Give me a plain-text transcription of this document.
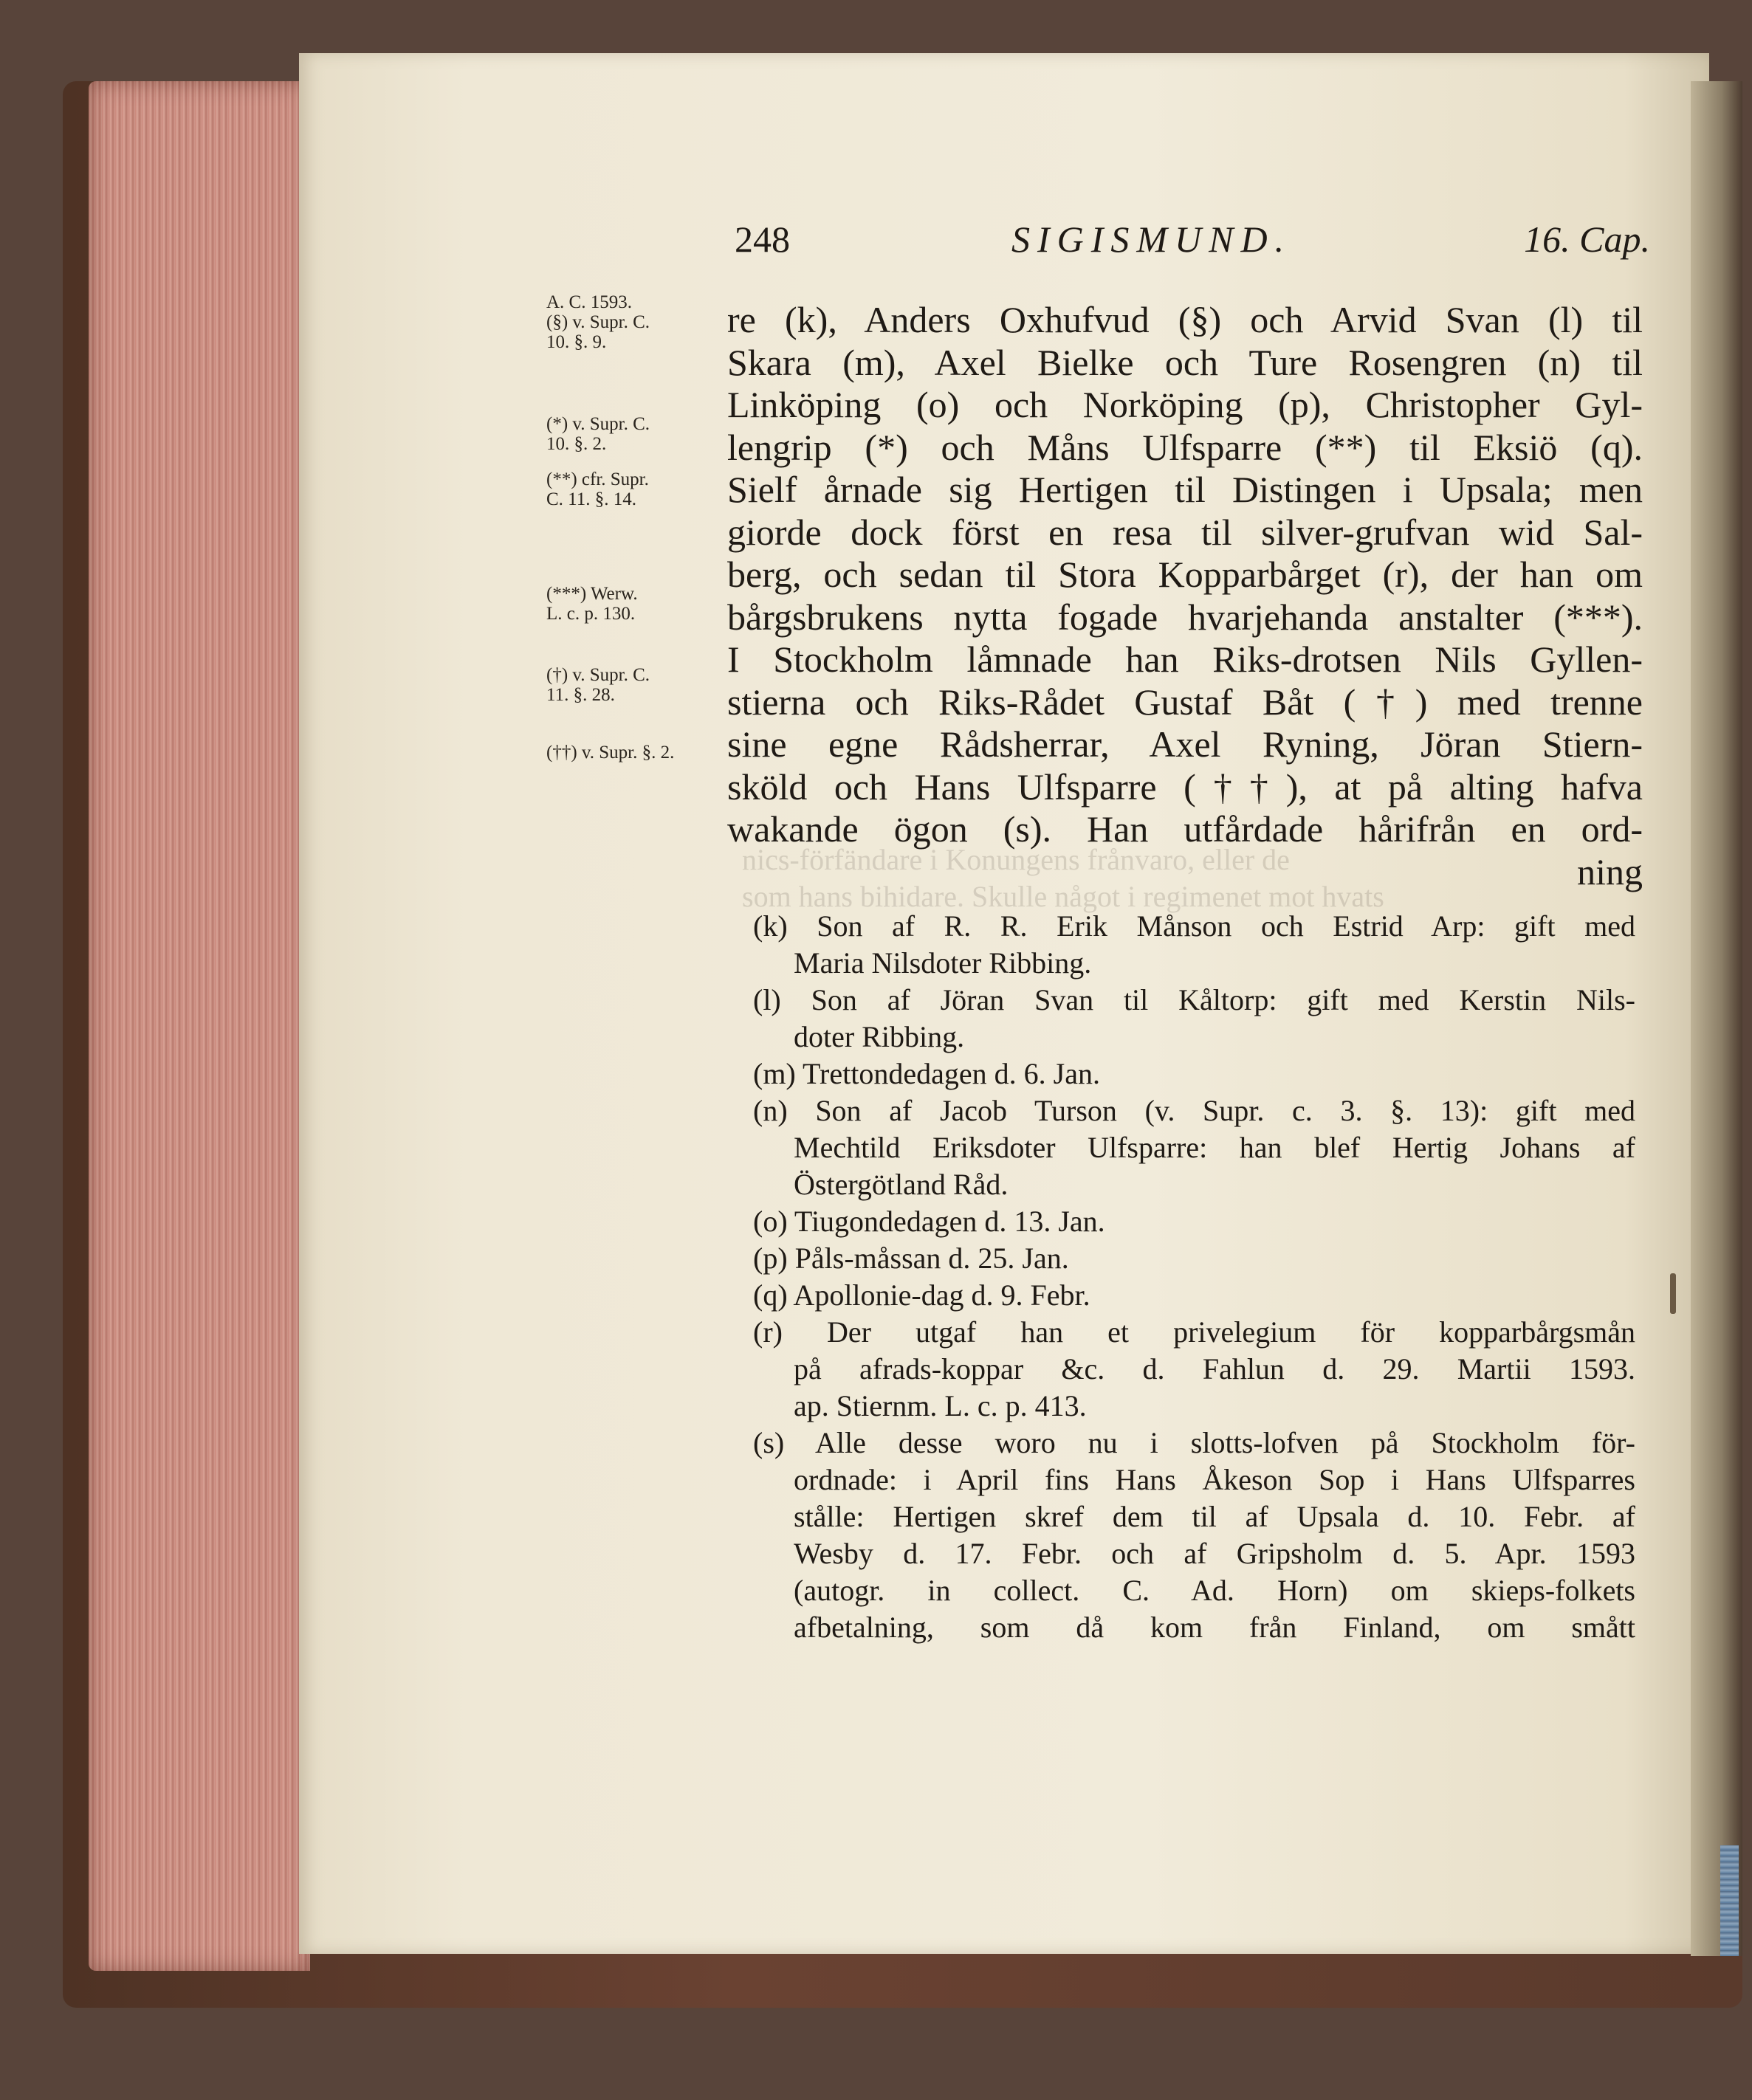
nics-förfändare i Konungens frånvaro, eller de
som hans bihidare. Skulle något i regimenet mot hvats
248	SIGISMUND.	16. Cap.
A. C. 1593.
(§) v. Supr. C.
10. §. 9.
(*) v. Supr. C.
10. §. 2.
(**) cfr. Supr.
C. 11. §. 14.
(***) Werw.
L. c. p. 130.
(†) v. Supr. C.
11. §. 28.
(††) v. Supr. §. 2.
re (k), Anders Oxhufvud (§) och Arvid Svan (l) til
Skara (m), Axel Bielke och Ture Rosengren (n) til
Linköping (o) och Norköping (p), Christopher Gyl-
lengrip (*) och Måns Ulfsparre (**) til Eksiö (q).
Sielf årnade sig Hertigen til Distingen i Upsala; men
giorde dock först en resa til silver-grufvan wid Sal-
berg, och sedan til Stora Kopparbårget (r), der han om
bårgsbrukens nytta fogade hvarjehanda anstalter (***).
I Stockholm låmnade han Riks-drotsen Nils Gyllen-
stierna och Riks-Rådet Gustaf Båt (†) med trenne
sine egne Rådsherrar, Axel Ryning, Jöran Stiern-
sköld och Hans Ulfsparre (††), at på alting hafva
wakande ögon (s). Han utfårdade hårifrån en ord-
ning
(k) Son af R. R. Erik Månson och Estrid Arp: gift med
Maria Nilsdoter Ribbing.
(l) Son af Jöran Svan til Kåltorp: gift med Kerstin Nils-
doter Ribbing.
(m) Trettondedagen d. 6. Jan.
(n) Son af Jacob Turson (v. Supr. c. 3. §. 13): gift med
Mechtild Eriksdoter Ulfsparre: han blef Hertig Johans af
Östergötland Råd.
(o) Tiugondedagen d. 13. Jan.
(p) Påls-måssan d. 25. Jan.
(q) Apollonie-dag d. 9. Febr.
(r) Der utgaf han et privelegium för kopparbårgsmån
på afrads-koppar &c. d. Fahlun d. 29. Martii 1593.
ap. Stiernm. L. c. p. 413.
(s) Alle desse woro nu i slotts-lofven på Stockholm för-
ordnade: i April fins Hans Åkeson Sop i Hans Ulfsparres
stålle: Hertigen skref dem til af Upsala d. 10. Febr. af
Wesby d. 17. Febr. och af Gripsholm d. 5. Apr. 1593
(autogr. in collect. C. Ad. Horn) om skieps-folkets
afbetalning, som då kom från Finland, om smått
